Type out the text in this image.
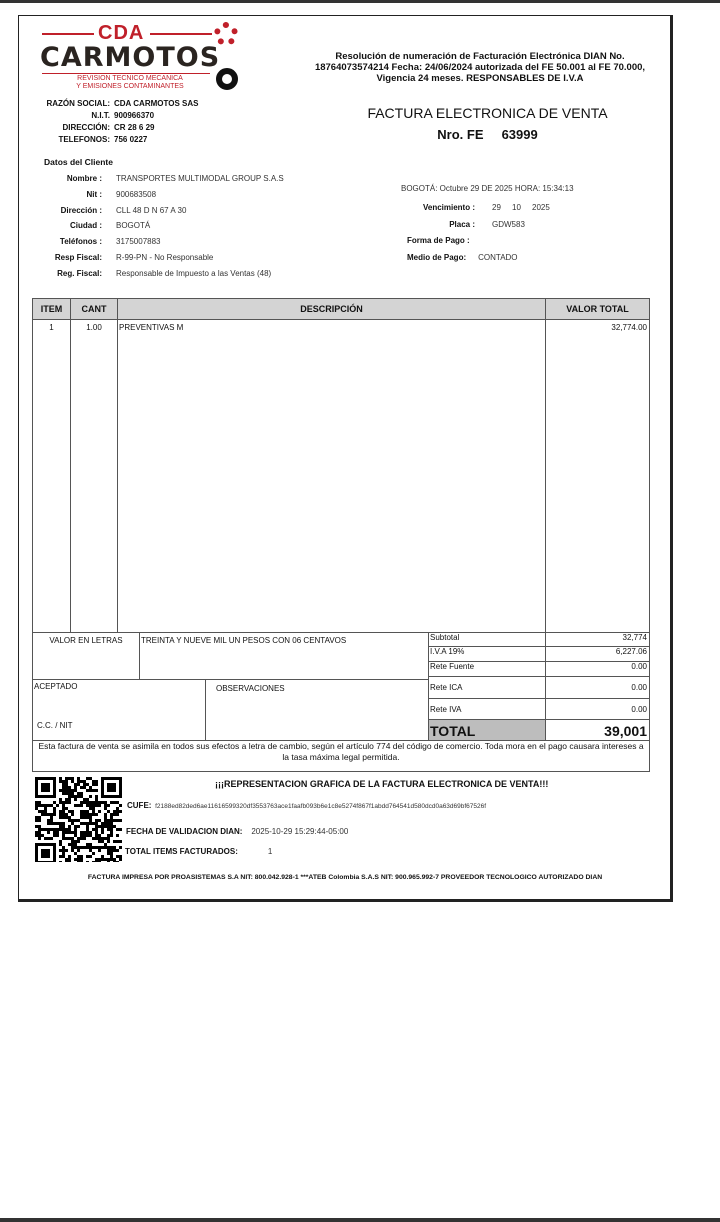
CDA
CARMOTOS
REVISION TECNICO MECANICA
Y EMISIONES CONTAMINANTES
Resolución de numeración de Facturación Electrónica DIAN No.
18764073574214 Fecha: 24/06/2024 autorizada del FE 50.001 al FE 70.000,
Vigencia 24 meses. RESPONSABLES DE I.V.A
RAZÓN SOCIAL: CDA CARMOTOS SAS
N.I.T. 900966370
DIRECCIÓN: CR 28 6 29
TELEFONOS: 756 0227
FACTURA ELECTRONICA DE VENTA
Nro. FE 63999
Datos del Cliente
Nombre : TRANSPORTES MULTIMODAL GROUP S.A.S
Nit : 900683508
Dirección : CLL 48 D N 67 A 30
Ciudad : BOGOTÁ
Teléfonos : 3175007883
Resp Fiscal: R-99-PN - No Responsable
Reg. Fiscal: Responsable de Impuesto a las Ventas (48)
BOGOTÁ: Octubre 29 DE 2025 HORA: 15:34:13
Vencimiento : 29     10     2025
Placa : GDW583
Forma de Pago :
Medio de Pago: CONTADO
ITEM	CANT	DESCRIPCIÓN	VALOR TOTAL
1	1.00	PREVENTIVAS M	32,774.00
VALOR EN LETRAS	TREINTA Y NUEVE MIL UN PESOS CON 06 CENTAVOS
ACEPTADO
C.C. / NIT
OBSERVACIONES
Subtotal	32,774
I.V.A 19%	6,227.06
Rete Fuente	0.00
Rete ICA	0.00
Rete IVA	0.00
TOTAL	39,001
Esta factura de venta se asimila en todos sus efectos a letra de cambio, según el artículo 774 del código de comercio. Toda mora en el pago causara intereses a la tasa máxima legal permitida.
¡¡¡REPRESENTACION GRAFICA DE LA FACTURA ELECTRONICA DE VENTA!!!
CUFE: f2188ed82ded6ae11616599320df3553763ace1faafb093b6e1c8e5274f867f1abdd764541d580dcd0a63d69bf67526f
FECHA DE VALIDACION DIAN: 2025-10-29 15:29:44-05:00
TOTAL ITEMS FACTURADOS:	1
FACTURA IMPRESA POR PROASISTEMAS S.A NIT: 800.042.928-1 ***ATEB Colombia S.A.S NIT: 900.965.992-7 PROVEEDOR TECNOLOGICO AUTORIZADO DIAN
